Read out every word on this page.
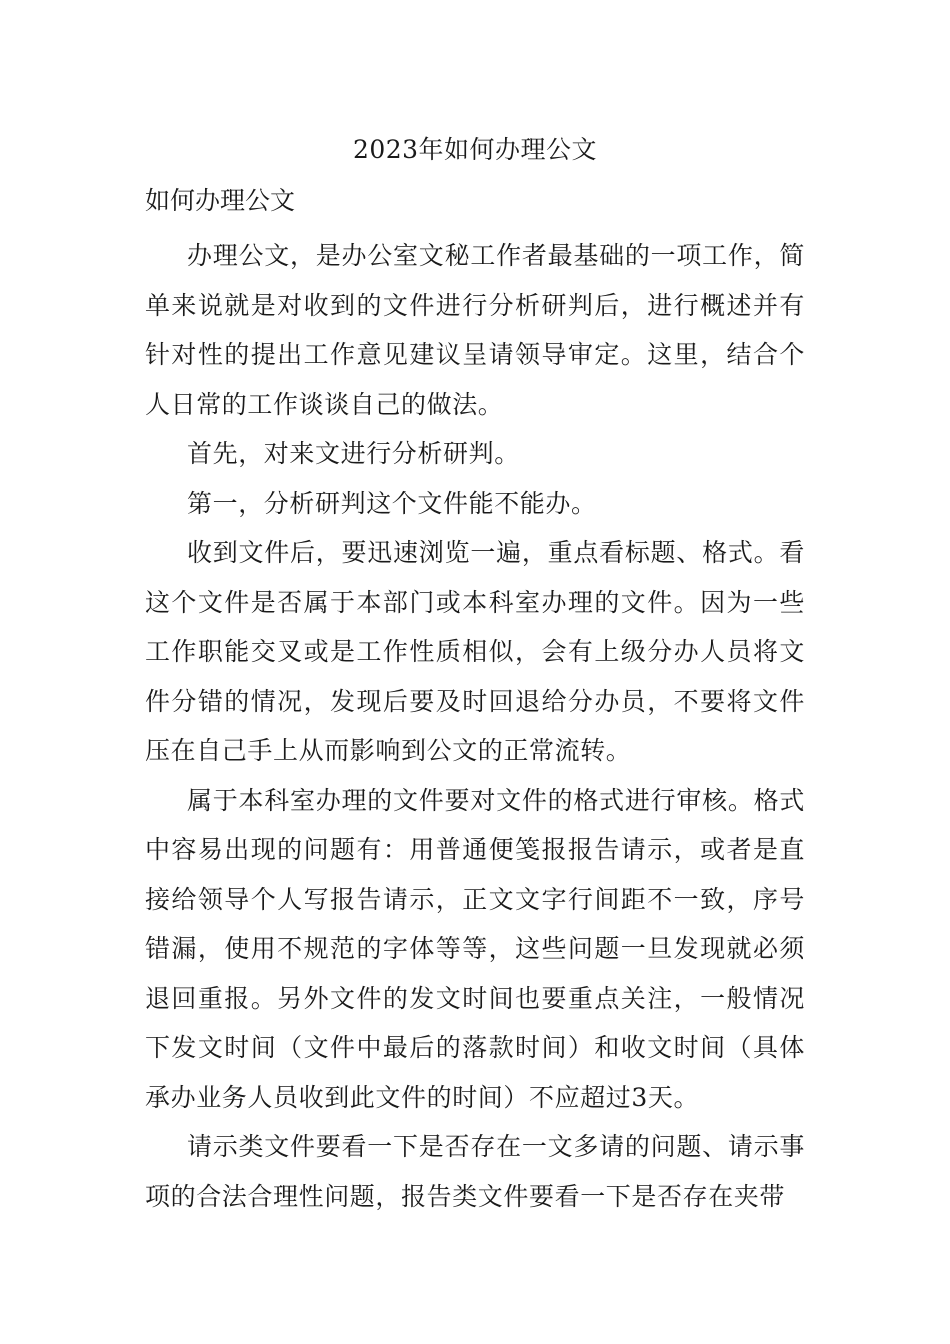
2023年如何办理公文
如何办理公文

办理公文，是办公室文秘工作者最基础的一项工作，简单来说就是对收到的文件进行分析研判后，进行概述并有针对性的提出工作意见建议呈请领导审定。这里，结合个人日常的工作谈谈自己的做法。

首先，对来文进行分析研判。

第一，分析研判这个文件能不能办。

收到文件后，要迅速浏览一遍，重点看标题、格式。看这个文件是否属于本部门或本科室办理的文件。因为一些工作职能交叉或是工作性质相似，会有上级分办人员将文件分错的情况，发现后要及时回退给分办员，不要将文件压在自己手上从而影响到公文的正常流转。

属于本科室办理的文件要对文件的格式进行审核。格式中容易出现的问题有：用普通便笺报报告请示，或者是直接给领导个人写报告请示，正文文字行间距不一致，序号错漏，使用不规范的字体等等，这些问题一旦发现就必须退回重报。另外文件的发文时间也要重点关注，一般情况下发文时间（文件中最后的落款时间）和收文时间（具体承办业务人员收到此文件的时间）不应超过3天。

请示类文件要看一下是否存在一文多请的问题、请示事项的合法合理性问题，报告类文件要看一下是否存在夹带
